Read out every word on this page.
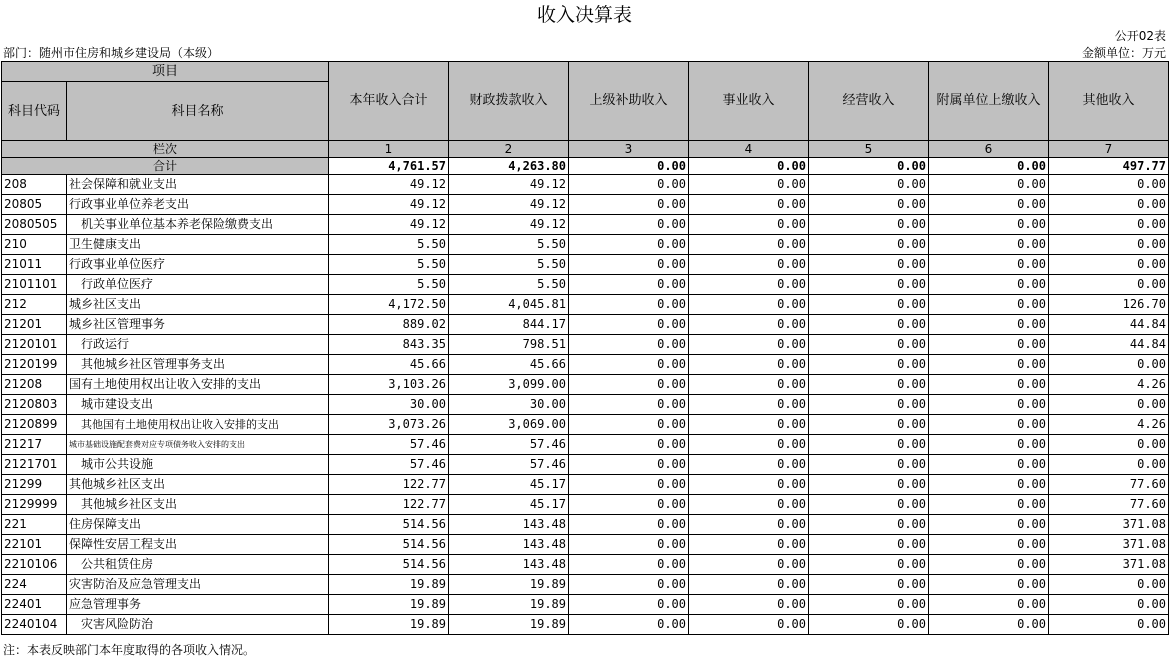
收入决算表
公开02表
部门：随州市住房和城乡建设局（本级）	金额单位：万元
项目		本年收入合计	财政拨款收入	上级补助收入	事业收入	经营收入	附属单位上缴收入	其他收入
科目代码	科目名称							
栏次		1	2	3	4	5	6	7
合计		4,761.57	4,263.80	0.00	0.00	0.00	0.00	497.77
208	社会保障和就业支出	49.12	49.12	0.00	0.00	0.00	0.00	0.00
20805	行政事业单位养老支出	49.12	49.12	0.00	0.00	0.00	0.00	0.00
2080505	机关事业单位基本养老保险缴费支出	49.12	49.12	0.00	0.00	0.00	0.00	0.00
210	卫生健康支出	5.50	5.50	0.00	0.00	0.00	0.00	0.00
21011	行政事业单位医疗	5.50	5.50	0.00	0.00	0.00	0.00	0.00
2101101	行政单位医疗	5.50	5.50	0.00	0.00	0.00	0.00	0.00
212	城乡社区支出	4,172.50	4,045.81	0.00	0.00	0.00	0.00	126.70
21201	城乡社区管理事务	889.02	844.17	0.00	0.00	0.00	0.00	44.84
2120101	行政运行	843.35	798.51	0.00	0.00	0.00	0.00	44.84
2120199	其他城乡社区管理事务支出	45.66	45.66	0.00	0.00	0.00	0.00	0.00
21208	国有土地使用权出让收入安排的支出	3,103.26	3,099.00	0.00	0.00	0.00	0.00	4.26
2120803	城市建设支出	30.00	30.00	0.00	0.00	0.00	0.00	0.00
2120899	其他国有土地使用权出让收入安排的支出	3,073.26	3,069.00	0.00	0.00	0.00	0.00	4.26
21217	城市基础设施配套费对应专项债务收入安排的支出	57.46	57.46	0.00	0.00	0.00	0.00	0.00
2121701	城市公共设施	57.46	57.46	0.00	0.00	0.00	0.00	0.00
21299	其他城乡社区支出	122.77	45.17	0.00	0.00	0.00	0.00	77.60
2129999	其他城乡社区支出	122.77	45.17	0.00	0.00	0.00	0.00	77.60
221	住房保障支出	514.56	143.48	0.00	0.00	0.00	0.00	371.08
22101	保障性安居工程支出	514.56	143.48	0.00	0.00	0.00	0.00	371.08
2210106	公共租赁住房	514.56	143.48	0.00	0.00	0.00	0.00	371.08
224	灾害防治及应急管理支出	19.89	19.89	0.00	0.00	0.00	0.00	0.00
22401	应急管理事务	19.89	19.89	0.00	0.00	0.00	0.00	0.00
2240104	灾害风险防治	19.89	19.89	0.00	0.00	0.00	0.00	0.00
注：本表反映部门本年度取得的各项收入情况。
